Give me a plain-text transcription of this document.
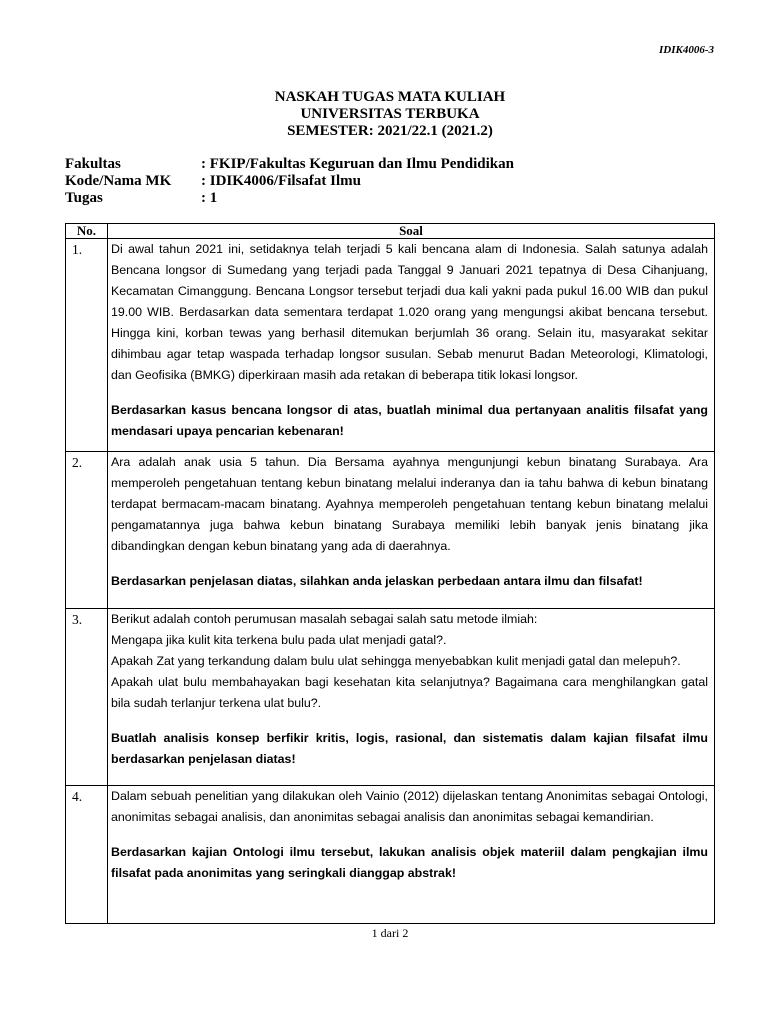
IDIK4006-3
NASKAH TUGAS MATA KULIAH
UNIVERSITAS TERBUKA
SEMESTER: 2021/22.1 (2021.2)
Fakultas	: FKIP/Fakultas Keguruan dan Ilmu Pendidikan
Kode/Nama MK	: IDIK4006/Filsafat Ilmu
Tugas	: 1
No.	Soal
1.	Di awal tahun 2021 ini, setidaknya telah terjadi 5 kali bencana alam di Indonesia. Salah satunya adalah Bencana longsor di Sumedang yang terjadi pada Tanggal 9 Januari 2021 tepatnya di Desa Cihanjuang, Kecamatan Cimanggung. Bencana Longsor tersebut terjadi dua kali yakni pada pukul 16.00 WIB dan pukul 19.00 WIB. Berdasarkan data sementara terdapat 1.020 orang yang mengungsi akibat bencana tersebut. Hingga kini, korban tewas yang berhasil ditemukan berjumlah 36 orang. Selain itu, masyarakat sekitar dihimbau agar tetap waspada terhadap longsor susulan. Sebab menurut Badan Meteorologi, Klimatologi, dan Geofisika (BMKG) diperkiraan masih ada retakan di beberapa titik lokasi longsor.

Berdasarkan kasus bencana longsor di atas, buatlah minimal dua pertanyaan analitis filsafat yang mendasari upaya pencarian kebenaran!

2.	Ara adalah anak usia 5 tahun. Dia Bersama ayahnya mengunjungi kebun binatang Surabaya. Ara memperoleh pengetahuan tentang kebun binatang melalui inderanya dan ia tahu bahwa di kebun binatang terdapat bermacam-macam binatang. Ayahnya memperoleh pengetahuan tentang kebun binatang melalui pengamatannya juga bahwa kebun binatang Surabaya memiliki lebih banyak jenis binatang jika dibandingkan dengan kebun binatang yang ada di daerahnya.

Berdasarkan penjelasan diatas, silahkan anda jelaskan perbedaan antara ilmu dan filsafat!

3.	Berikut adalah contoh perumusan masalah sebagai salah satu metode ilmiah:

Mengapa jika kulit kita terkena bulu pada ulat menjadi gatal?.

Apakah Zat yang terkandung dalam bulu ulat sehingga menyebabkan kulit menjadi gatal dan melepuh?.

Apakah ulat bulu membahayakan bagi kesehatan kita selanjutnya? Bagaimana cara menghilangkan gatal bila sudah terlanjur terkena ulat bulu?.

Buatlah analisis konsep berfikir kritis, logis, rasional, dan sistematis dalam kajian filsafat ilmu berdasarkan penjelasan diatas!

4.	Dalam sebuah penelitian yang dilakukan oleh Vainio (2012) dijelaskan tentang Anonimitas sebagai Ontologi, anonimitas sebagai analisis, dan anonimitas sebagai analisis dan anonimitas sebagai kemandirian.

Berdasarkan kajian Ontologi ilmu tersebut, lakukan analisis objek materiil dalam pengkajian ilmu filsafat pada anonimitas yang seringkali dianggap abstrak!

1 dari 2
